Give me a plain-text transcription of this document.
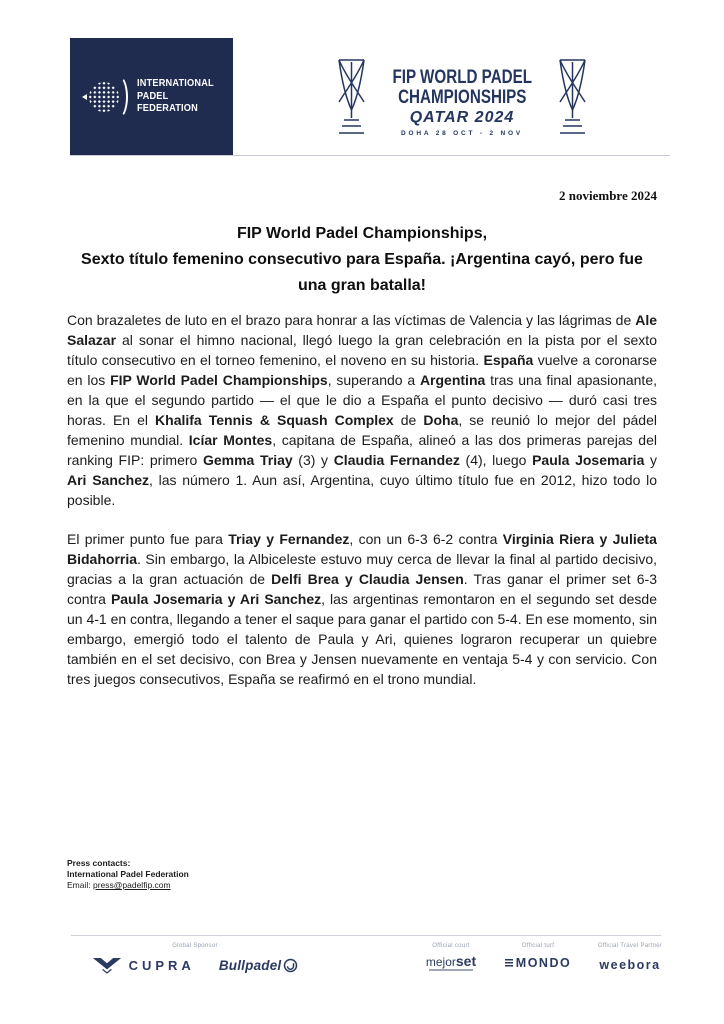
INTERNATIONAL
PADEL
FEDERATION
FIP WORLD PADEL
CHAMPIONSHIPS
QATAR 2024
DOHA 28 OCT - 2 NOV
2 noviembre 2024
FIP World Padel Championships,
Sexto título femenino consecutivo para España. ¡Argentina cayó, pero fue
una gran batalla!

Con brazaletes de luto en el brazo para honrar a las víctimas de Valencia y las lágrimas de Ale Salazar al sonar el himno nacional, llegó luego la gran celebración en la pista por el sexto título consecutivo en el torneo femenino, el noveno en su historia. España vuelve a coronarse en los FIP World Padel Championships, superando a Argentina tras una final apasionante, en la que el segundo partido — el que le dio a España el punto decisivo — duró casi tres horas. En el Khalifa Tennis & Squash Complex de Doha, se reunió lo mejor del pádel femenino mundial. Icíar Montes, capitana de España, alineó a las dos primeras parejas del ranking FIP: primero Gemma Triay (3) y Claudia Fernandez (4), luego Paula Josemaria y Ari Sanchez, las número 1. Aun así, Argentina, cuyo último título fue en 2012, hizo todo lo posible.

El primer punto fue para Triay y Fernandez, con un 6-3 6-2 contra Virginia Riera y Julieta Bidahorria. Sin embargo, la Albiceleste estuvo muy cerca de llevar la final al partido decisivo, gracias a la gran actuación de Delfi Brea y Claudia Jensen. Tras ganar el primer set 6-3 contra Paula Josemaria y Ari Sanchez, las argentinas remontaron en el segundo set desde un 4-1 en contra, llegando a tener el saque para ganar el partido con 5-4. En ese momento, sin embargo, emergió todo el talento de Paula y Ari, quienes lograron recuperar un quiebre también en el set decisivo, con Brea y Jensen nuevamente en ventaja 5-4 y con servicio. Con tres juegos consecutivos, España se reafirmó en el trono mundial.

Press contacts:
International Padel Federation
Email: press@padelfip.com
Global Sponsor
CUPRA Bullpadel
Official court
mejorset
Official turf
MONDO
Official Travel Partner
weebora
